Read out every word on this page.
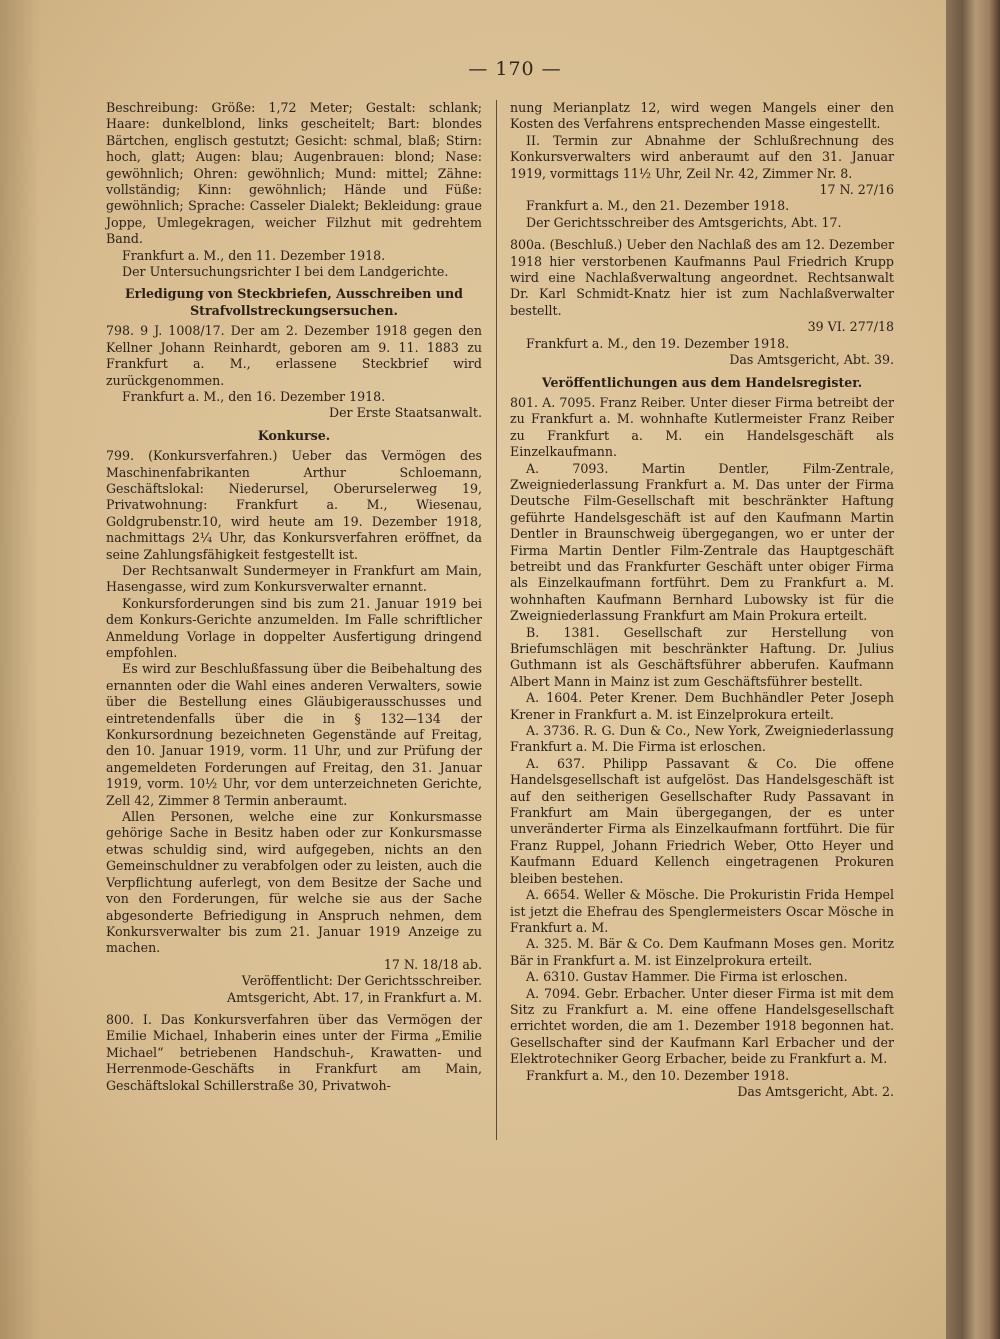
— 170 —

Beschreibung: Größe: 1,72 Meter; Gestalt: schlank; Haare: dunkelblond, links gescheitelt; Bart: blondes Bärtchen, englisch gestutzt; Gesicht: schmal, blaß; Stirn: hoch, glatt; Augen: blau; Augenbrauen: blond; Nase: gewöhnlich; Ohren: gewöhnlich; Mund: mittel; Zähne: vollständig; Kinn: gewöhnlich; Hände und Füße: gewöhnlich; Sprache: Casseler Dialekt; Bekleidung: graue Joppe, Umlegekragen, weicher Filzhut mit gedrehtem Band.

Frankfurt a. M., den 11. Dezember 1918.

Der Untersuchungsrichter I bei dem Landgerichte.

Erledigung von Steckbriefen, Ausschreiben und Strafvollstreckungsersuchen.

798. 9 J. 1008/17. Der am 2. Dezember 1918 gegen den Kellner Johann Reinhardt, geboren am 9. 11. 1883 zu Frankfurt a. M., erlassene Steckbrief wird zurückgenommen.

Frankfurt a. M., den 16. Dezember 1918.

Der Erste Staatsanwalt.

Konkurse.

799. (Konkursverfahren.) Ueber das Vermögen des Maschinenfabrikanten Arthur Schloemann, Geschäftslokal: Niederursel, Oberurselerweg 19, Privatwohnung: Frankfurt a. M., Wiesenau, Goldgrubenstr.10, wird heute am 19. Dezember 1918, nachmittags 2¼ Uhr, das Konkursverfahren eröffnet, da seine Zahlungsfähigkeit festgestellt ist.

Der Rechtsanwalt Sundermeyer in Frankfurt am Main, Hasengasse, wird zum Konkursverwalter ernannt.

Konkursforderungen sind bis zum 21. Januar 1919 bei dem Konkurs-Gerichte anzumelden. Im Falle schriftlicher Anmeldung Vorlage in doppelter Ausfertigung dringend empfohlen.

Es wird zur Beschlußfassung über die Beibehaltung des ernannten oder die Wahl eines anderen Verwalters, sowie über die Bestellung eines Gläubigerausschusses und eintretendenfalls über die in § 132—134 der Konkursordnung bezeichneten Gegenstände auf Freitag, den 10. Januar 1919, vorm. 11 Uhr, und zur Prüfung der angemeldeten Forderungen auf Freitag, den 31. Januar 1919, vorm. 10½ Uhr, vor dem unterzeichneten Gerichte, Zell 42, Zimmer 8 Termin anberaumt.

Allen Personen, welche eine zur Konkursmasse gehörige Sache in Besitz haben oder zur Konkursmasse etwas schuldig sind, wird aufgegeben, nichts an den Gemeinschuldner zu verabfolgen oder zu leisten, auch die Verpflichtung auferlegt, von dem Besitze der Sache und von den Forderungen, für welche sie aus der Sache abgesonderte Befriedigung in Anspruch nehmen, dem Konkursverwalter bis zum 21. Januar 1919 Anzeige zu machen.

17 N. 18/18 ab.

Veröffentlicht: Der Gerichtsschreiber.

Amtsgericht, Abt. 17, in Frankfurt a. M.

800. I. Das Konkursverfahren über das Vermögen der Emilie Michael, Inhaberin eines unter der Firma „Emilie Michael“ betriebenen Handschuh-, Krawatten- und Herrenmode-Geschäfts in Frankfurt am Main, Geschäftslokal Schillerstraße 30, Privatwoh-

nung Merianplatz 12, wird wegen Mangels einer den Kosten des Verfahrens entsprechenden Masse eingestellt.

II. Termin zur Abnahme der Schlußrechnung des Konkursverwalters wird anberaumt auf den 31. Januar 1919, vormittags 11½ Uhr, Zeil Nr. 42, Zimmer Nr. 8.

17 N. 27/16

Frankfurt a. M., den 21. Dezember 1918.

Der Gerichtsschreiber des Amtsgerichts, Abt. 17.

800a. (Beschluß.) Ueber den Nachlaß des am 12. Dezember 1918 hier verstorbenen Kaufmanns Paul Friedrich Krupp wird eine Nachlaßverwaltung angeordnet. Rechtsanwalt Dr. Karl Schmidt-Knatz hier ist zum Nachlaßverwalter bestellt.

39 VI. 277/18

Frankfurt a. M., den 19. Dezember 1918.

Das Amtsgericht, Abt. 39.

Veröffentlichungen aus dem Handelsregister.

801. A. 7095. Franz Reiber. Unter dieser Firma betreibt der zu Frankfurt a. M. wohnhafte Kutlermeister Franz Reiber zu Frankfurt a. M. ein Handelsgeschäft als Einzelkaufmann.

A. 7093. Martin Dentler, Film-Zentrale, Zweigniederlassung Frankfurt a. M. Das unter der Firma Deutsche Film-Gesellschaft mit beschränkter Haftung geführte Handelsgeschäft ist auf den Kaufmann Martin Dentler in Braunschweig übergegangen, wo er unter der Firma Martin Dentler Film-Zentrale das Hauptgeschäft betreibt und das Frankfurter Geschäft unter obiger Firma als Einzelkaufmann fortführt. Dem zu Frankfurt a. M. wohnhaften Kaufmann Bernhard Lubowsky ist für die Zweigniederlassung Frankfurt am Main Prokura erteilt.

B. 1381. Gesellschaft zur Herstellung von Briefumschlägen mit beschränkter Haftung. Dr. Julius Guthmann ist als Geschäftsführer abberufen. Kaufmann Albert Mann in Mainz ist zum Geschäftsführer bestellt.

A. 1604. Peter Krener. Dem Buchhändler Peter Joseph Krener in Frankfurt a. M. ist Einzelprokura erteilt.

A. 3736. R. G. Dun & Co., New York, Zweigniederlassung Frankfurt a. M. Die Firma ist erloschen.

A. 637. Philipp Passavant & Co. Die offene Handelsgesellschaft ist aufgelöst. Das Handelsgeschäft ist auf den seitherigen Gesellschafter Rudy Passavant in Frankfurt am Main übergegangen, der es unter unveränderter Firma als Einzelkaufmann fortführt. Die für Franz Ruppel, Johann Friedrich Weber, Otto Heyer und Kaufmann Eduard Kellench eingetragenen Prokuren bleiben bestehen.

A. 6654. Weller & Mösche. Die Prokuristin Frida Hempel ist jetzt die Ehefrau des Spenglermeisters Oscar Mösche in Frankfurt a. M.

A. 325. M. Bär & Co. Dem Kaufmann Moses gen. Moritz Bär in Frankfurt a. M. ist Einzelprokura erteilt.

A. 6310. Gustav Hammer. Die Firma ist erloschen.

A. 7094. Gebr. Erbacher. Unter dieser Firma ist mit dem Sitz zu Frankfurt a. M. eine offene Handelsgesellschaft errichtet worden, die am 1. Dezember 1918 begonnen hat. Gesellschafter sind der Kaufmann Karl Erbacher und der Elektrotechniker Georg Erbacher, beide zu Frankfurt a. M.

Frankfurt a. M., den 10. Dezember 1918.

Das Amtsgericht, Abt. 2.
